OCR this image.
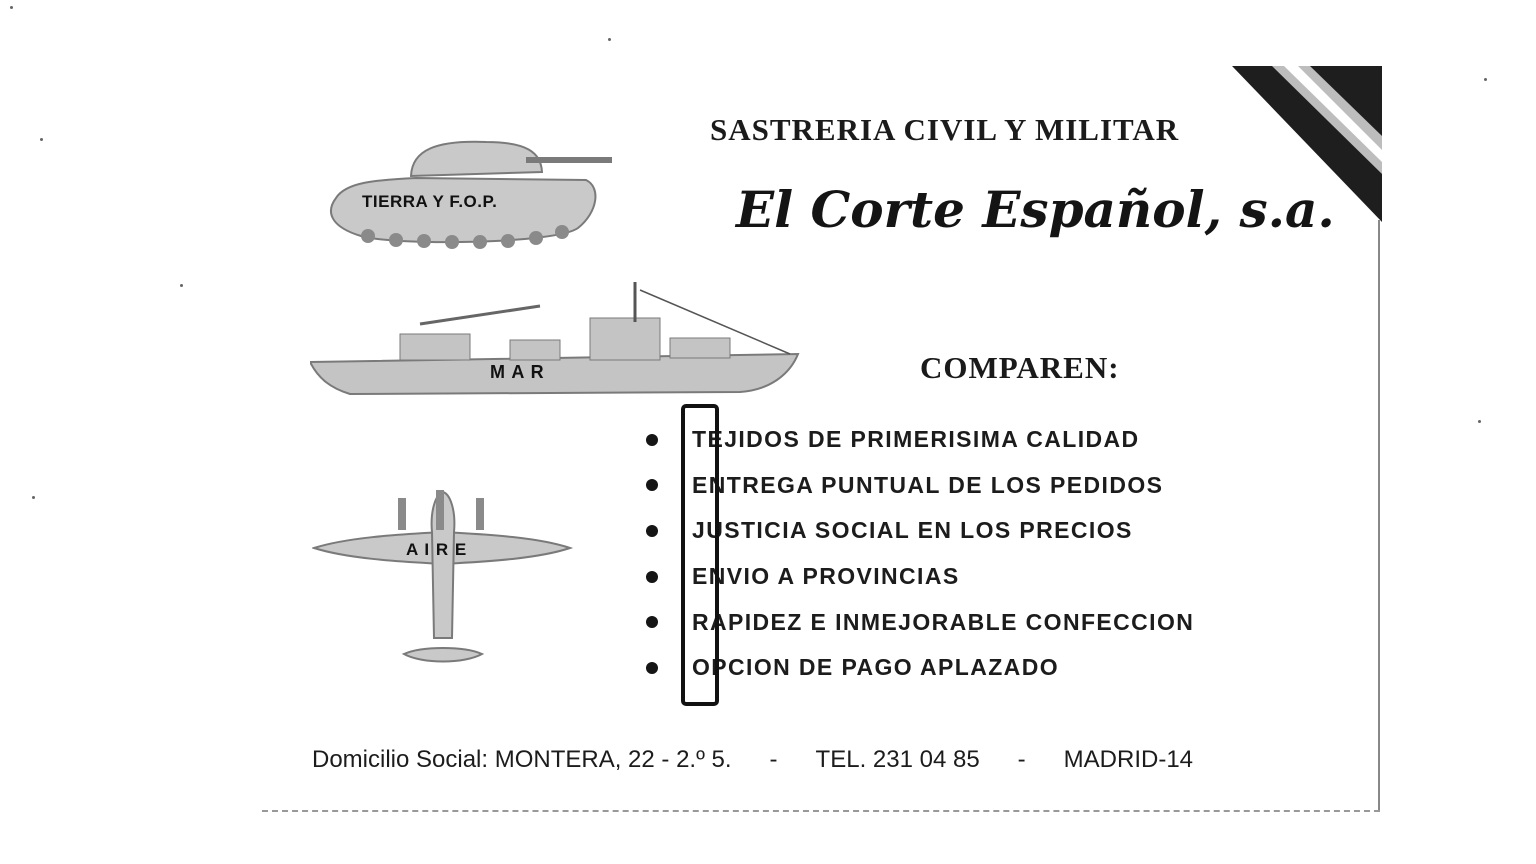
SASTRERIA CIVIL Y MILITAR
El Corte Español, s.a.
TIERRA Y F.O.P.
M A R
A I R E
COMPAREN:
TEJIDOS DE PRIMERISIMA CALIDAD
ENTREGA PUNTUAL DE LOS PEDIDOS
JUSTICIA SOCIAL EN LOS PRECIOS
ENVIO A PROVINCIAS
RAPIDEZ E INMEJORABLE CONFECCION
OPCION DE PAGO APLAZADO

Domicilio Social: MONTERA, 22 - 2.º 5. - TEL. 231 04 85 - MADRID-14
